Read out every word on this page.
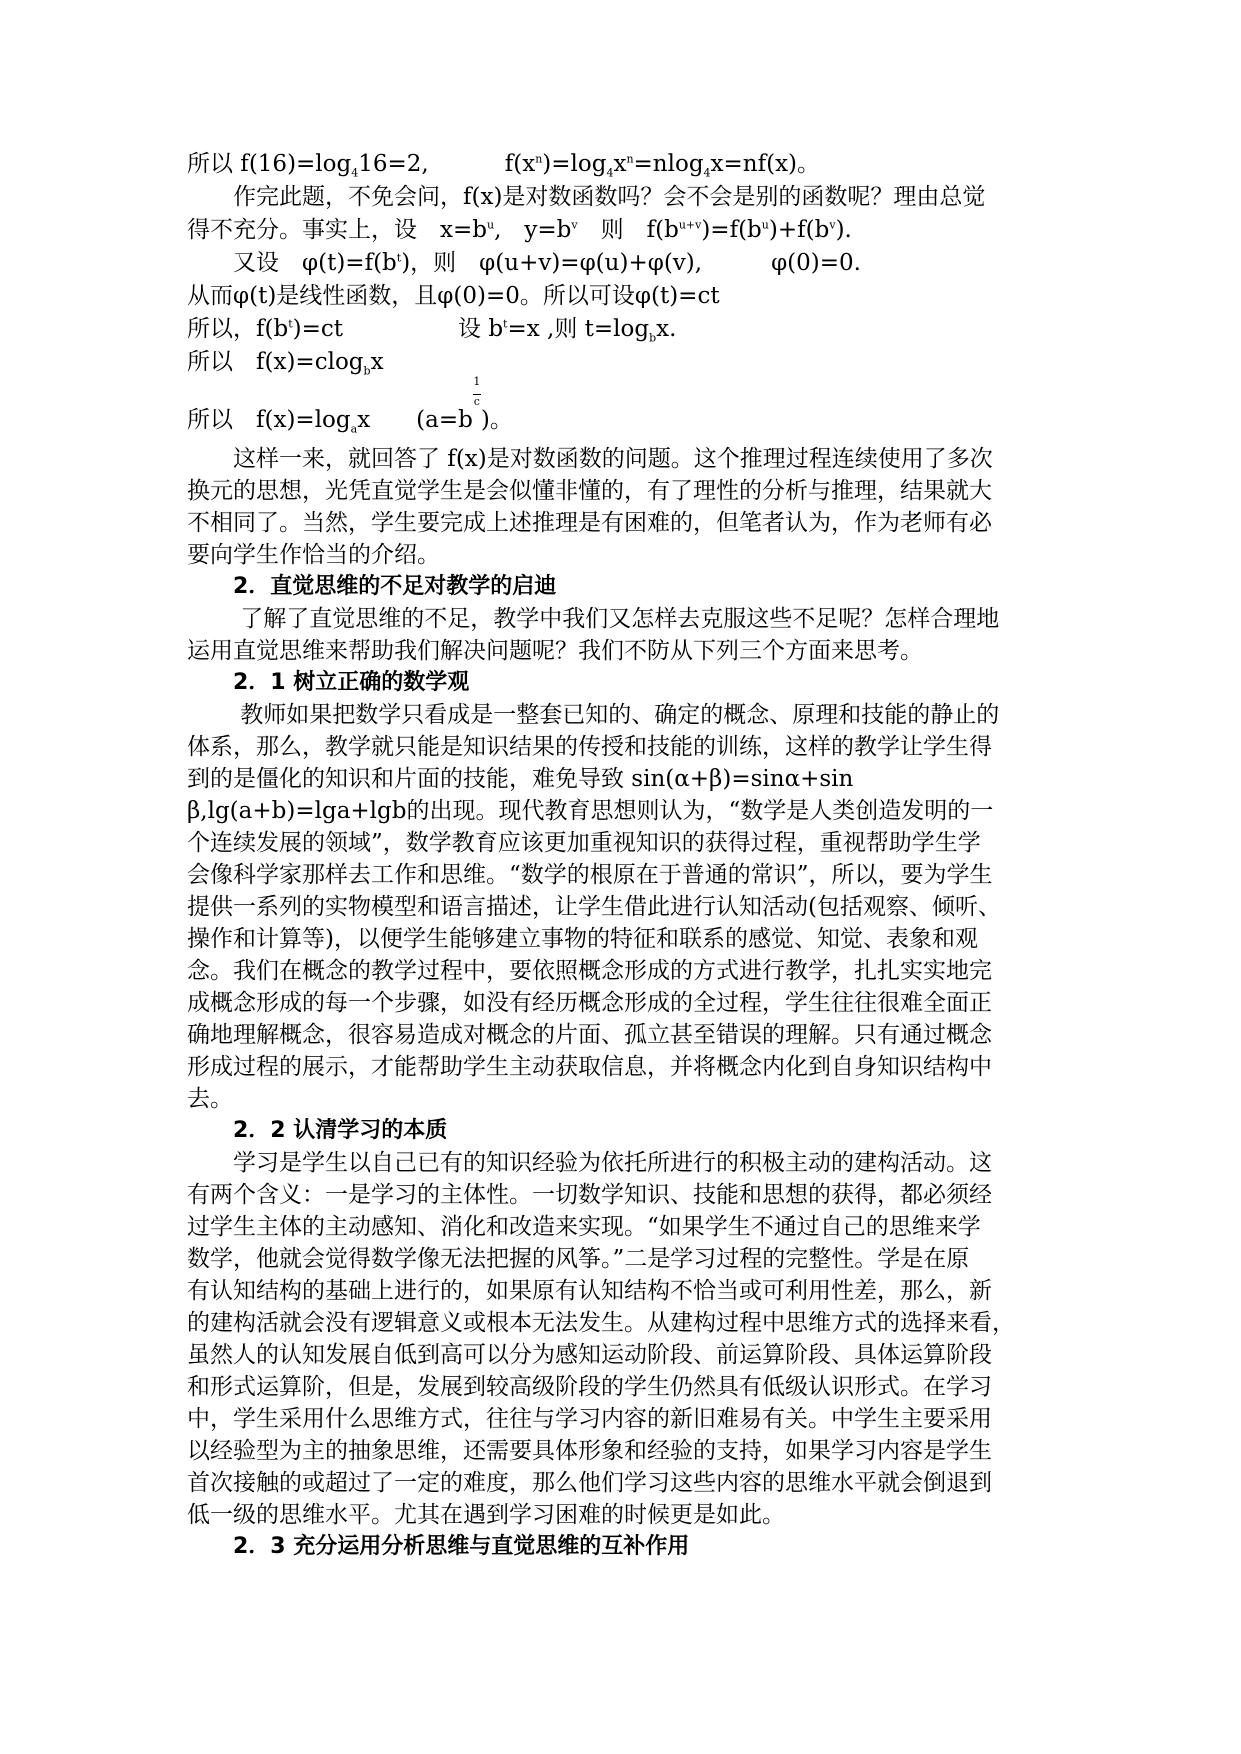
所以 $f(16)=\log_416=2$,	$f(x^n)=\log_4x^n=nlog_4x=nf(x)$。
作完此题，不免会问，f(x)是对数函数吗？会不会是别的函数呢？理由总觉
得不充分。事实上，设　$x=b^u$,　$y=b^v$　则　$f(b^{u+v})=f(b^u)+f(b^v)$.
又设　$\varphi(t)=f(b^t)$，则　φ(u+v)=φ(u)+φ(v),　　　φ(0)=0.
从而φ(t)是线性函数，且φ(0)=0。所以可设φ(t)=ct
所以，$f(b^t)=ct$　　　　　设 $b^t=x$ ,则 $t=\log_bx$.
所以　f(x)=clog$_b$x
所以　$f(x)=\log_ax$　　$(a=b\frac{1}{c})$。
这样一来，就回答了 f(x)是对数函数的问题。这个推理过程连续使用了多次
换元的思想，光凭直觉学生是会似懂非懂的，有了理性的分析与推理，结果就大
不相同了。当然，学生要完成上述推理是有困难的，但笔者认为，作为老师有必
要向学生作恰当的介绍。
2．直觉思维的不足对教学的启迪
了解了直觉思维的不足，教学中我们又怎样去克服这些不足呢？怎样合理地
运用直觉思维来帮助我们解决问题呢？我们不防从下列三个方面来思考。
2．1 树立正确的数学观
教师如果把数学只看成是一整套已知的、确定的概念、原理和技能的静止的
体系，那么，教学就只能是知识结果的传授和技能的训练，这样的教学让学生得
到的是僵化的知识和片面的技能，难免导致 sin(α+β)=sinα+sin
β,lg(a+b)=lga+lgb的出现。现代教育思想则认为，“数学是人类创造发明的一
个连续发展的领域”，数学教育应该更加重视知识的获得过程，重视帮助学生学
会像科学家那样去工作和思维。“数学的根原在于普通的常识”，所以，要为学生
提供一系列的实物模型和语言描述，让学生借此进行认知活动(包括观察、倾听、
操作和计算等)，以便学生能够建立事物的特征和联系的感觉、知觉、表象和观
念。我们在概念的教学过程中，要依照概念形成的方式进行教学，扎扎实实地完
成概念形成的每一个步骤，如没有经历概念形成的全过程，学生往往很难全面正
确地理解概念，很容易造成对概念的片面、孤立甚至错误的理解。只有通过概念
形成过程的展示，才能帮助学生主动获取信息，并将概念内化到自身知识结构中
去。
2．2 认清学习的本质
学习是学生以自己已有的知识经验为依托所进行的积极主动的建构活动。这
有两个含义：一是学习的主体性。一切数学知识、技能和思想的获得，都必须经
过学生主体的主动感知、消化和改造来实现。“如果学生不通过自己的思维来学
数学，他就会觉得数学像无法把握的风筝。”二是学习过程的完整性。学是在原
有认知结构的基础上进行的，如果原有认知结构不恰当或可利用性差，那么，新
的建构活就会没有逻辑意义或根本无法发生。从建构过程中思维方式的选择来看，
虽然人的认知发展自低到高可以分为感知运动阶段、前运算阶段、具体运算阶段
和形式运算阶，但是，发展到较高级阶段的学生仍然具有低级认识形式。在学习
中，学生采用什么思维方式，往往与学习内容的新旧难易有关。中学生主要采用
以经验型为主的抽象思维，还需要具体形象和经验的支持，如果学习内容是学生
首次接触的或超过了一定的难度，那么他们学习这些内容的思维水平就会倒退到
低一级的思维水平。尤其在遇到学习困难的时候更是如此。
2．3 充分运用分析思维与直觉思维的互补作用
